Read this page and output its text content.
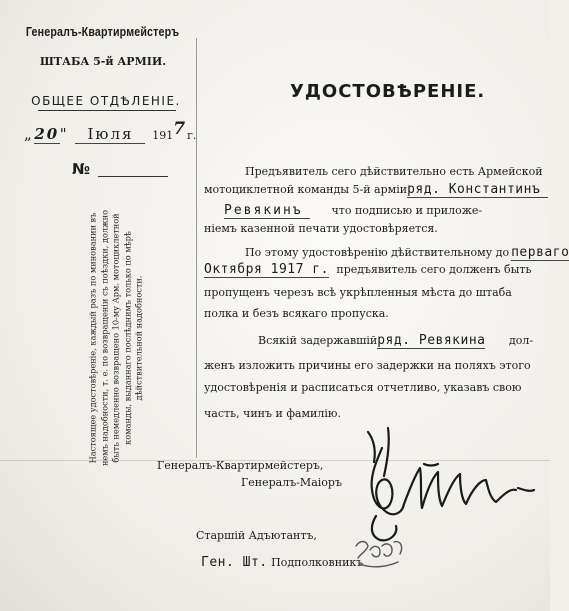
Генералъ-Квартирмейстеръ
ШТАБА 5-й АРМІИ.
ОБЩЕЕ ОТДѢЛЕНІЕ.
„20" Іюля 1917г.
№
УДОСТОВѢРЕНІЕ.
Настоящее удостовѣреніе, каждый разъ по миновании въ немъ надобности, т. е. по возвращеніи съ поѣздки, должно быть немедленно возвращено 10-му Арм. мотоциклетной команды, выданнаго послѣднимъ только по мѣрѣ дѣйствительной надобности.
Предъявитель сего дѣйствительно есть Армейской
мотоциклетной команды 5-й арміиряд. Константинъ
Ревякинъ	что подписью и приложе-
ніемъ казенной печати удостовѣряется.
По этому удостовѣренію дѣйствительному до перваго
Октября 1917 г. предъявитель сего долженъ быть
пропущенъ черезъ всѣ укрѣпленныя мѣста до штаба
полка и безъ всякаго пропуска.
Всякій задержавшійряд. Ревякина дол-
женъ изложить причины его задержки на поляхъ этого
удостовѣренія и расписаться отчетливо, указавъ свою
часть, чинъ и фамилію.
Генералъ-Квартирмейстеръ,
Генералъ-Маіоръ
Старшій Адъютантъ,
Ген. Шт. Подполковникъ
